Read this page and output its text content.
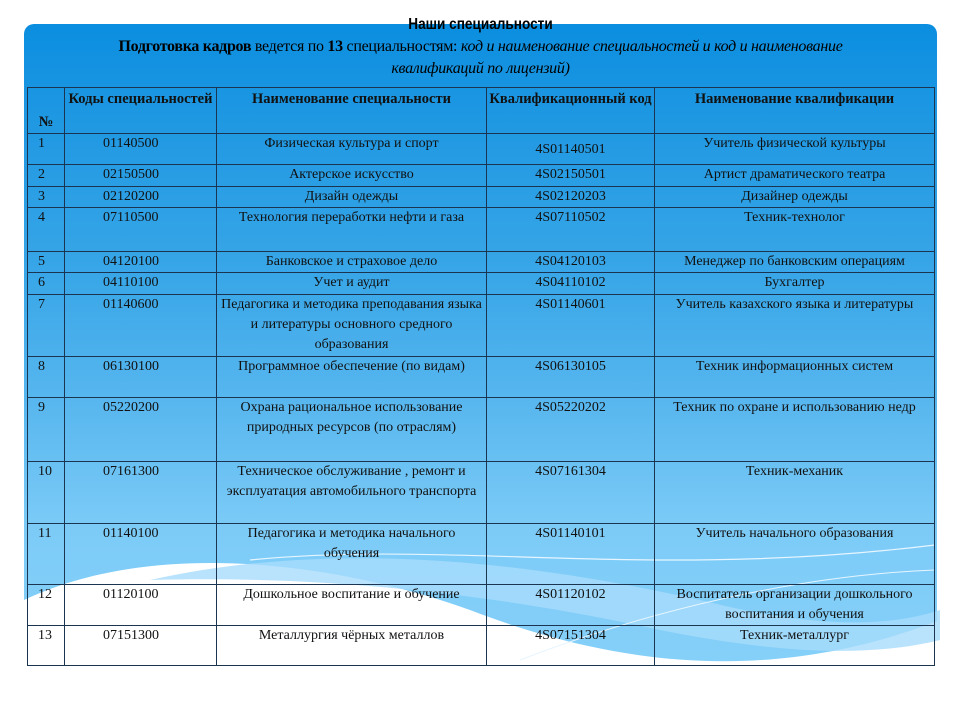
Наши специальности
Подготовка кадров ведется по 13 специальностям: код и наименование специальностей и код и наименование квалификаций по лицензий)
№	Коды специальностей	Наименование специальности	Квалификационный код	Наименование квалификации
1	01140500	Физическая культура и спорт	4S01140501	Учитель физической культуры
2	02150500	Актерское искусство	4S02150501	Артист драматического театра
3	02120200	Дизайн одежды	4S02120203	Дизайнер одежды
4	07110500	Технология переработки нефти и газа	4S07110502	Техник-технолог
5	04120100	Банковское и страховое дело	4S04120103	Менеджер по банковским операциям
6	04110100	Учет и аудит	4S04110102	Бухгалтер
7	01140600	Педагогика и методика преподавания языка и литературы основного средного образования	4S01140601	Учитель казахского языка и литературы
8	06130100	Программное обеспечение (по видам)	4S06130105	Техник информационных систем
9	05220200	Охрана рациональное использование природных ресурсов (по отраслям)	4S05220202	Техник по охране и использованию недр
10	07161300	Техническое обслуживание , ремонт и эксплуатация автомобильного транспорта	4S07161304	Техник-механик
11	01140100	Педагогика и методика начального обучения	4S01140101	Учитель начального образования
12	01120100	Дошкольное воспитание и обучение	4S01120102	Воспитатель организации дошкольного воспитания и обучения
13	07151300	Металлургия чёрных металлов	4S07151304	Техник-металлург
